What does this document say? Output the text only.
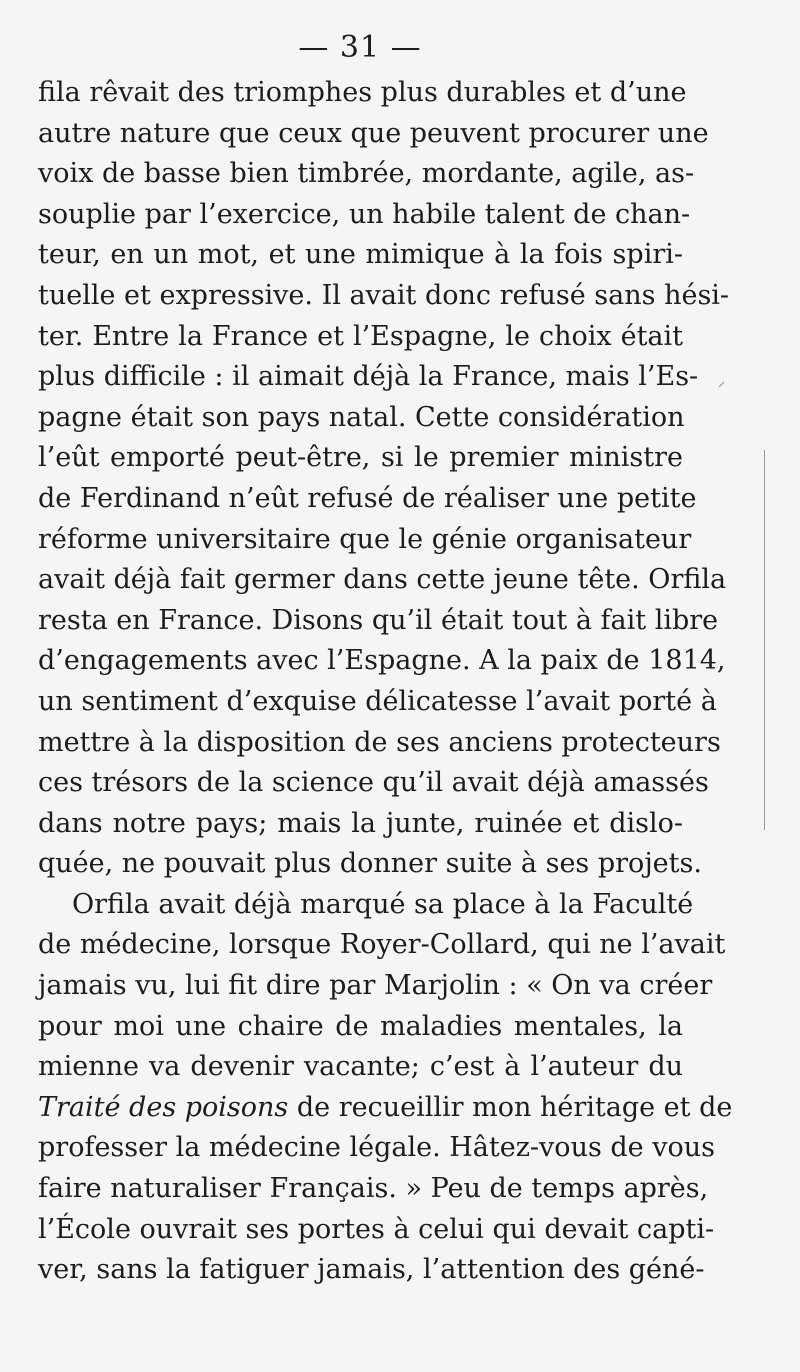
— 31 —
⸝
fila rêvait des triomphes plus durables et d’une
autre nature que ceux que peuvent procurer une
voix de basse bien timbrée, mordante, agile, as-
souplie par l’exercice, un habile talent de chan-
teur, en un mot, et une mimique à la fois spiri-
tuelle et expressive. Il avait donc refusé sans hési-
ter. Entre la France et l’Espagne, le choix était
plus difficile : il aimait déjà la France, mais l’Es-
pagne était son pays natal. Cette considération
l’eût emporté peut-être, si le premier ministre
de Ferdinand n’eût refusé de réaliser une petite
réforme universitaire que le génie organisateur
avait déjà fait germer dans cette jeune tête. Orfila
resta en France. Disons qu’il était tout à fait libre
d’engagements avec l’Espagne. A la paix de 1814,
un sentiment d’exquise délicatesse l’avait porté à
mettre à la disposition de ses anciens protecteurs
ces trésors de la science qu’il avait déjà amassés
dans notre pays; mais la junte, ruinée et dislo-
quée, ne pouvait plus donner suite à ses projets.
Orfila avait déjà marqué sa place à la Faculté
de médecine, lorsque Royer-Collard, qui ne l’avait
jamais vu, lui fit dire par Marjolin : « On va créer
pour moi une chaire de maladies mentales, la
mienne va devenir vacante; c’est à l’auteur du
Traité des poisons de recueillir mon héritage et de
professer la médecine légale. Hâtez-vous de vous
faire naturaliser Français. » Peu de temps après,
l’École ouvrait ses portes à celui qui devait capti-
ver, sans la fatiguer jamais, l’attention des géné-
